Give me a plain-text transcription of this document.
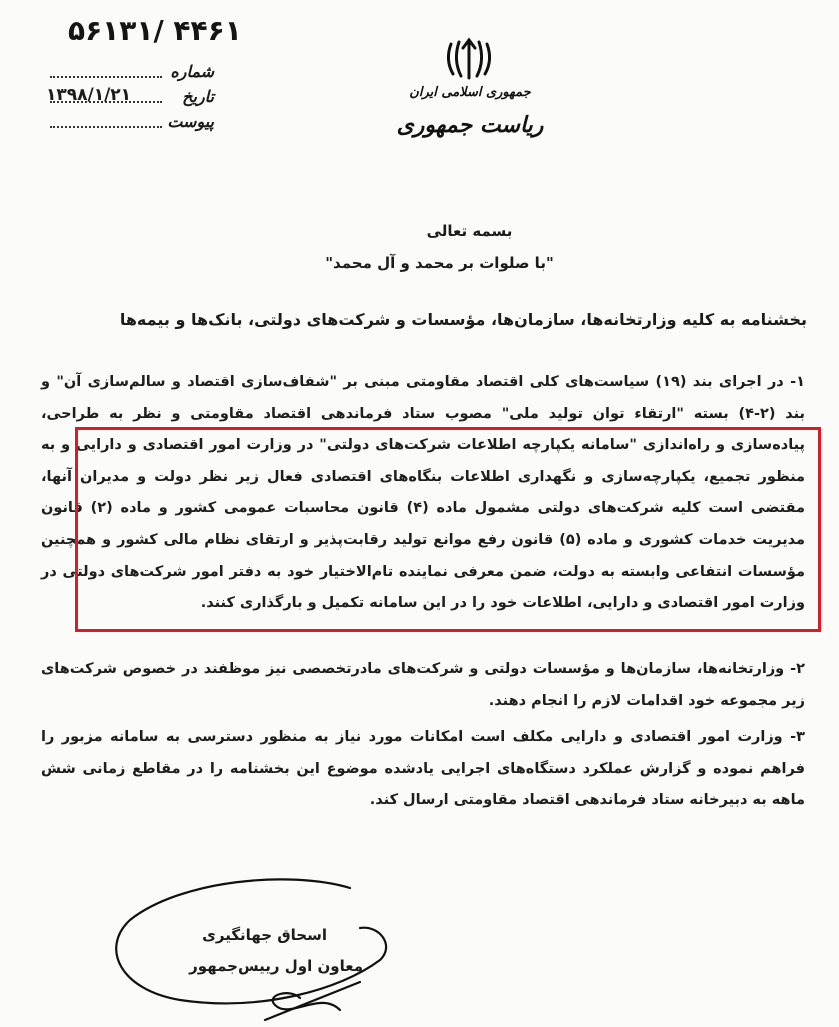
۵۶۱۳۱/ ۴۴۶۱
شماره
۱۳۹۸/۱/۲۱	تاریخ
پیوست
جمهوری اسلامی ایران
ریاست جمهوری
بسمه تعالی
"با صلوات بر محمد و آل محمد"
بخشنامه به کلیه وزارتخانه‌ها، سازمان‌ها، مؤسسات و شرکت‌های دولتی، بانک‌ها و بیمه‌ها
۱- در اجرای بند (۱۹) سیاست‌های کلی اقتصاد مقاومتی مبنی بر "شفاف‌سازی اقتصاد و سالم‌سازی آن" و بند (۲-۴) بسته "ارتقاء توان تولید ملی" مصوب ستاد فرماندهی اقتصاد مقاومتی و نظر به طراحی، پیاده‌سازی و راه‌اندازی "سامانه یکپارچه اطلاعات شرکت‌های دولتی" در وزارت امور اقتصادی و دارایی و به منظور تجمیع، یکپارچه‌سازی و نگهداری اطلاعات بنگاه‌های اقتصادی فعال زیر نظر دولت و مدیران آنها، مقتضی است کلیه شرکت‌های دولتی مشمول ماده (۴) قانون محاسبات عمومی کشور و ماده (۲) قانون مدیریت خدمات کشوری و ماده (۵) قانون رفع موانع تولید رقابت‌پذیر و ارتقای نظام مالی کشور و همچنین مؤسسات انتفاعی وابسته به دولت، ضمن معرفی نماینده تام‌الاختیار خود به دفتر امور شرکت‌های دولتی در وزارت امور اقتصادی و دارایی، اطلاعات خود را در این سامانه تکمیل و بارگذاری کنند.
۲- وزارتخانه‌ها، سازمان‌ها و مؤسسات دولتی و شرکت‌های مادرتخصصی نیز موظفند در خصوص شرکت‌های زیر مجموعه خود اقدامات لازم را انجام دهند.
۳- وزارت امور اقتصادی و دارایی مکلف است امکانات مورد نیاز به منظور دسترسی به سامانه مزبور را فراهم نموده و گزارش عملکرد دستگاه‌های اجرایی یادشده موضوع این بخشنامه را در مقاطع زمانی شش ماهه به دبیرخانه ستاد فرماندهی اقتصاد مقاومتی ارسال کند.
اسحاق جهانگیری
معاون اول رییس‌جمهور
